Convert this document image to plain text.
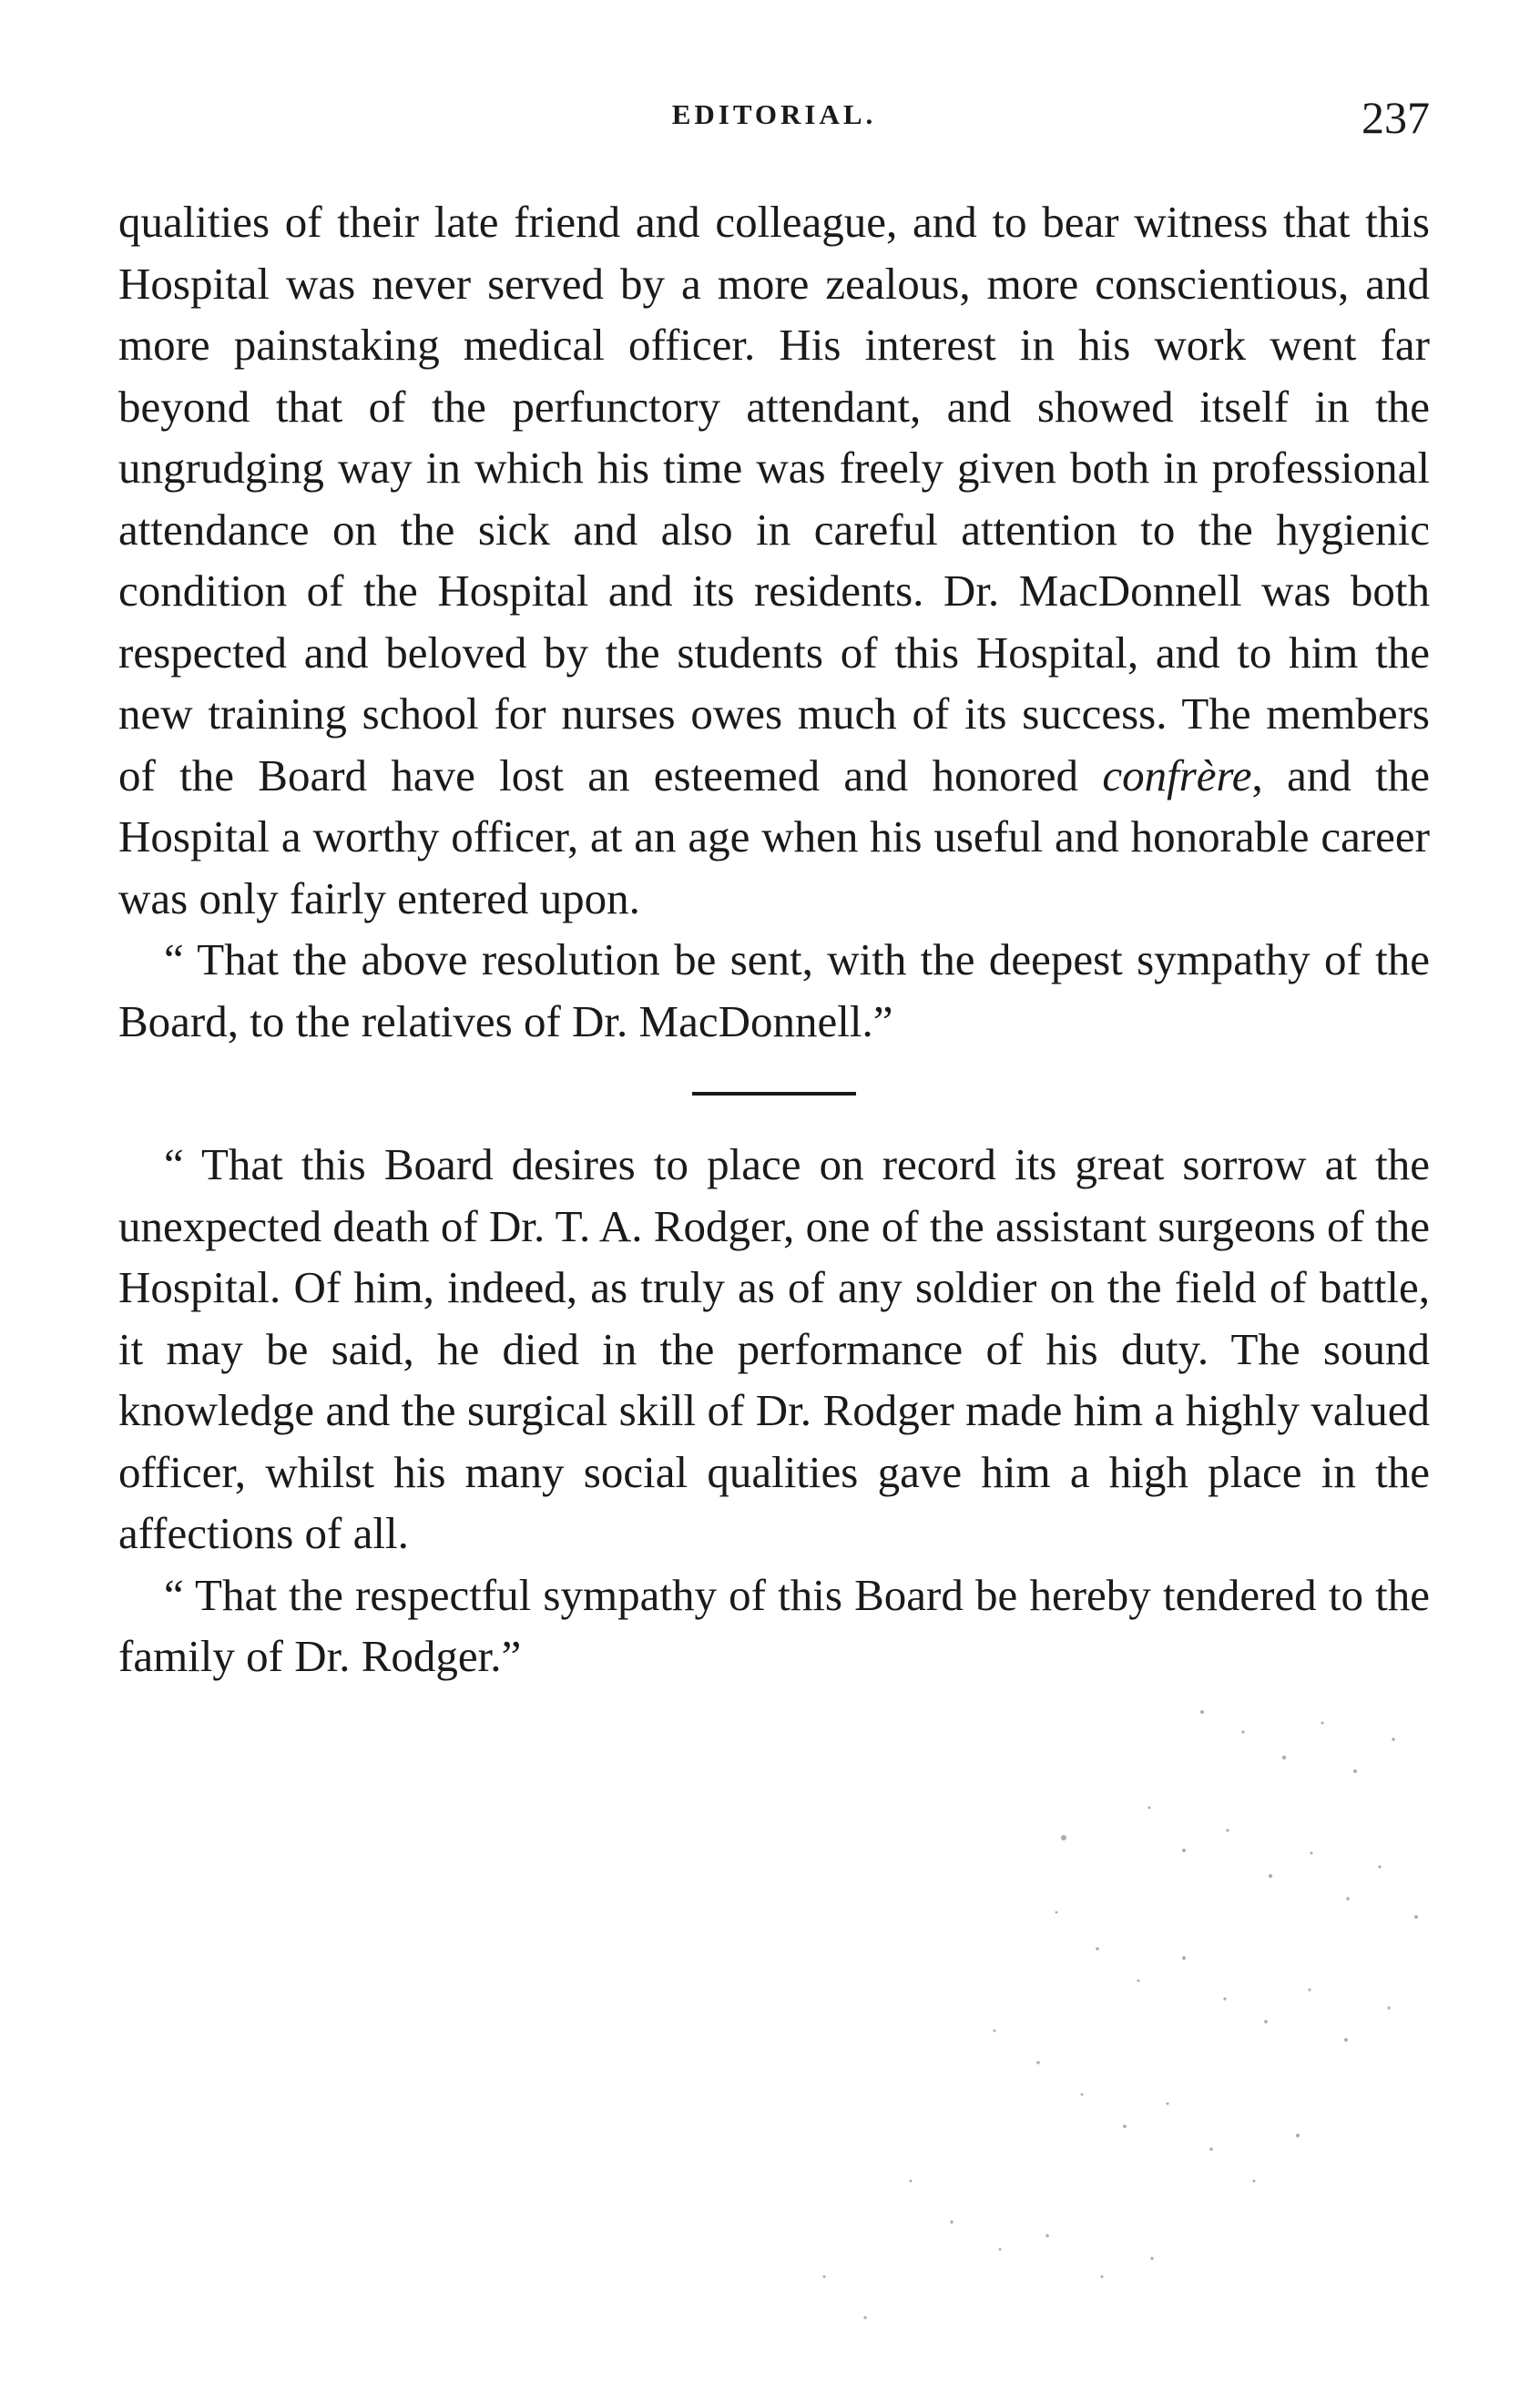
EDITORIAL.	237

qualities of their late friend and colleague, and to bear witness that this Hospital was never served by a more zealous, more conscientious, and more painstaking medical officer. His interest in his work went far beyond that of the perfunctory attendant, and showed itself in the ungrudging way in which his time was freely given both in professional attendance on the sick and also in careful attention to the hygienic condition of the Hospital and its residents. Dr. MacDonnell was both respected and beloved by the students of this Hospital, and to him the new training school for nurses owes much of its success. The members of the Board have lost an esteemed and honored confrère, and the Hospital a worthy officer, at an age when his useful and honorable career was only fairly entered upon.

“ That the above resolution be sent, with the deepest sympathy of the Board, to the relatives of Dr. MacDonnell.”

“ That this Board desires to place on record its great sorrow at the unexpected death of Dr. T. A. Rodger, one of the assistant surgeons of the Hospital. Of him, indeed, as truly as of any soldier on the field of battle, it may be said, he died in the performance of his duty. The sound knowledge and the surgical skill of Dr. Rodger made him a highly valued officer, whilst his many social qualities gave him a high place in the affections of all.

“ That the respectful sympathy of this Board be hereby tendered to the family of Dr. Rodger.”
